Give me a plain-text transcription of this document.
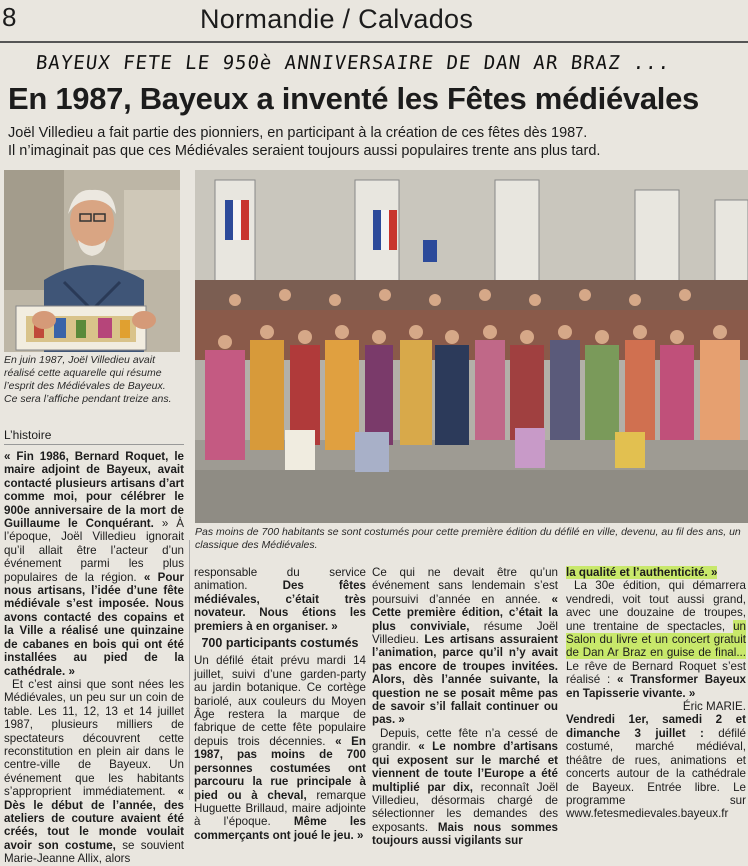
8	Normandie / Calvados
BAYEUX FETE LE 950è ANNIVERSAIRE DE DAN AR BRAZ ...
En 1987, Bayeux a inventé les Fêtes médiévales
Joël Villedieu a fait partie des pionniers, en participant à la création de ces fêtes dès 1987.
Il n’imaginait pas que ces Médiévales seraient toujours aussi populaires trente ans plus tard.
En juin 1987, Joël Villedieu avait réalisé cette aquarelle qui résume l’esprit des Médiévales de Bayeux. Ce sera l’affiche pendant treize ans.
Pas moins de 700 habitants se sont costumés pour cette première édition du défilé en ville, devenu, au fil des ans, un classique des Médiévales.
L’histoire

« Fin 1986, Bernard Roquet, le maire adjoint de Bayeux, avait contacté plusieurs artisans d’art comme moi, pour célébrer le 900e anniversaire de la mort de Guillaume le Conquérant. » À l’époque, Joël Villedieu ignorait qu’il allait être l’acteur d’un événement parmi les plus populaires de la région. « Pour nous artisans, l’idée d’une fête médiévale s’est imposée. Nous avons contacté des copains et la Ville a réalisé une quinzaine de cabanes en bois qui ont été installées au pied de la cathédrale. »

Et c’est ainsi que sont nées les Médiévales, un peu sur un coin de table. Les 11, 12, 13 et 14 juillet 1987, plusieurs milliers de spectateurs découvrent cette reconstitution en plein air dans le centre-ville de Bayeux. Un événement que les habitants s’approprient immédiatement. « Dès le début de l’année, des ateliers de couture avaient été créés, tout le monde voulait avoir son costume, se souvient Marie-Jeanne Allix, alors

responsable du service animation.	Des fêtes médiévales, c’était très novateur. Nous étions les premiers à en organiser. »

700 participants costumés

Un défilé était prévu mardi 14 juillet, suivi d’une garden-party au jardin botanique. Ce cortège bariolé, aux couleurs du Moyen Âge restera la marque de fabrique de cette fête populaire depuis trois décennies. « En 1987, pas moins de 700 personnes costumées ont parcouru la rue principale à pied ou à cheval, remarque Huguette Brillaud, maire adjointe à l’époque. Même les commerçants ont joué le jeu. »

Ce qui ne devait être qu’un événement sans lendemain s’est poursuivi d’année en année. « Cette première édition, c’était la plus conviviale, résume Joël Villedieu. Les artisans assuraient l’animation, parce qu’il n’y avait pas encore de troupes invitées. Alors, dès l’année suivante, la question ne se posait même pas de savoir s’il fallait continuer ou pas. »

Depuis, cette fête n’a cessé de grandir. « Le nombre d’artisans qui exposent sur le marché et viennent de toute l’Europe a été multiplié par dix, reconnaît Joël Villedieu, désormais chargé de sélectionner les demandes des exposants. Mais nous sommes toujours aussi vigilants sur

la qualité et l’authenticité. »

La 30e édition, qui démarrera vendredi, voit tout aussi grand, avec une douzaine de troupes, une trentaine de spectacles, un Salon du livre et un concert gratuit de Dan Ar Braz en guise de final... Le rêve de Bernard Roquet s’est réalisé : « Transformer Bayeux en Tapisserie vivante. »

Éric MARIE.

Vendredi 1er, samedi 2 et dimanche 3 juillet : défilé costumé, marché médiéval, théâtre de rues, animations et concerts autour de la cathédrale de Bayeux. Entrée libre. Le programme sur www.fetesmedievales.bayeux.fr
